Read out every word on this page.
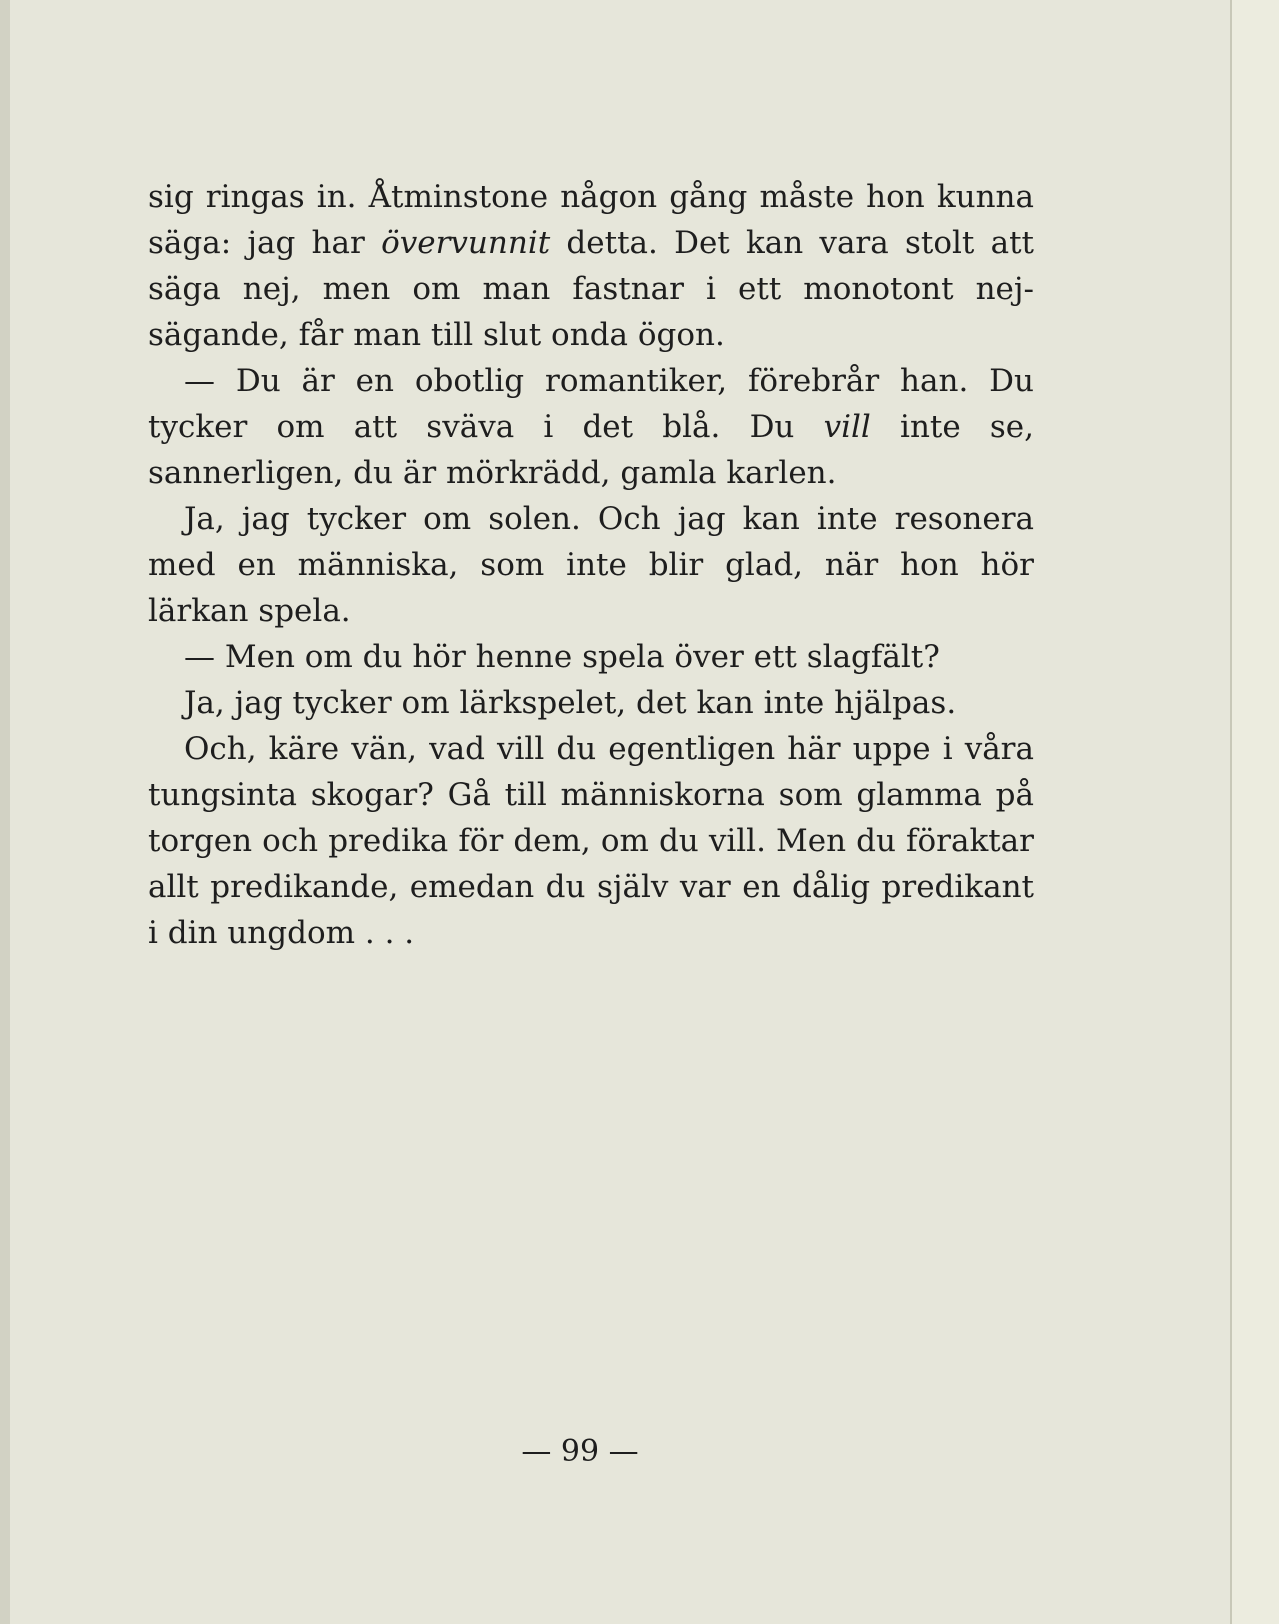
sig ringas in. Åtminstone någon gång måste hon kunna säga: jag har övervunnit detta. Det kan vara stolt att säga nej, men om man fastnar i ett monotont nej-sägande, får man till slut onda ögon.

— Du är en obotlig romantiker, förebrår han. Du tycker om att sväva i det blå. Du vill inte se, sannerligen, du är mörkrädd, gamla karlen.

Ja, jag tycker om solen. Och jag kan inte resonera med en människa, som inte blir glad, när hon hör lärkan spela.

— Men om du hör henne spela över ett slagfält?

Ja, jag tycker om lärkspelet, det kan inte hjälpas.

Och, käre vän, vad vill du egentligen här uppe i våra tungsinta skogar? Gå till människorna som glamma på torgen och predika för dem, om du vill. Men du föraktar allt predikande, emedan du själv var en dålig predikant i din ungdom . . .

— 99 —
